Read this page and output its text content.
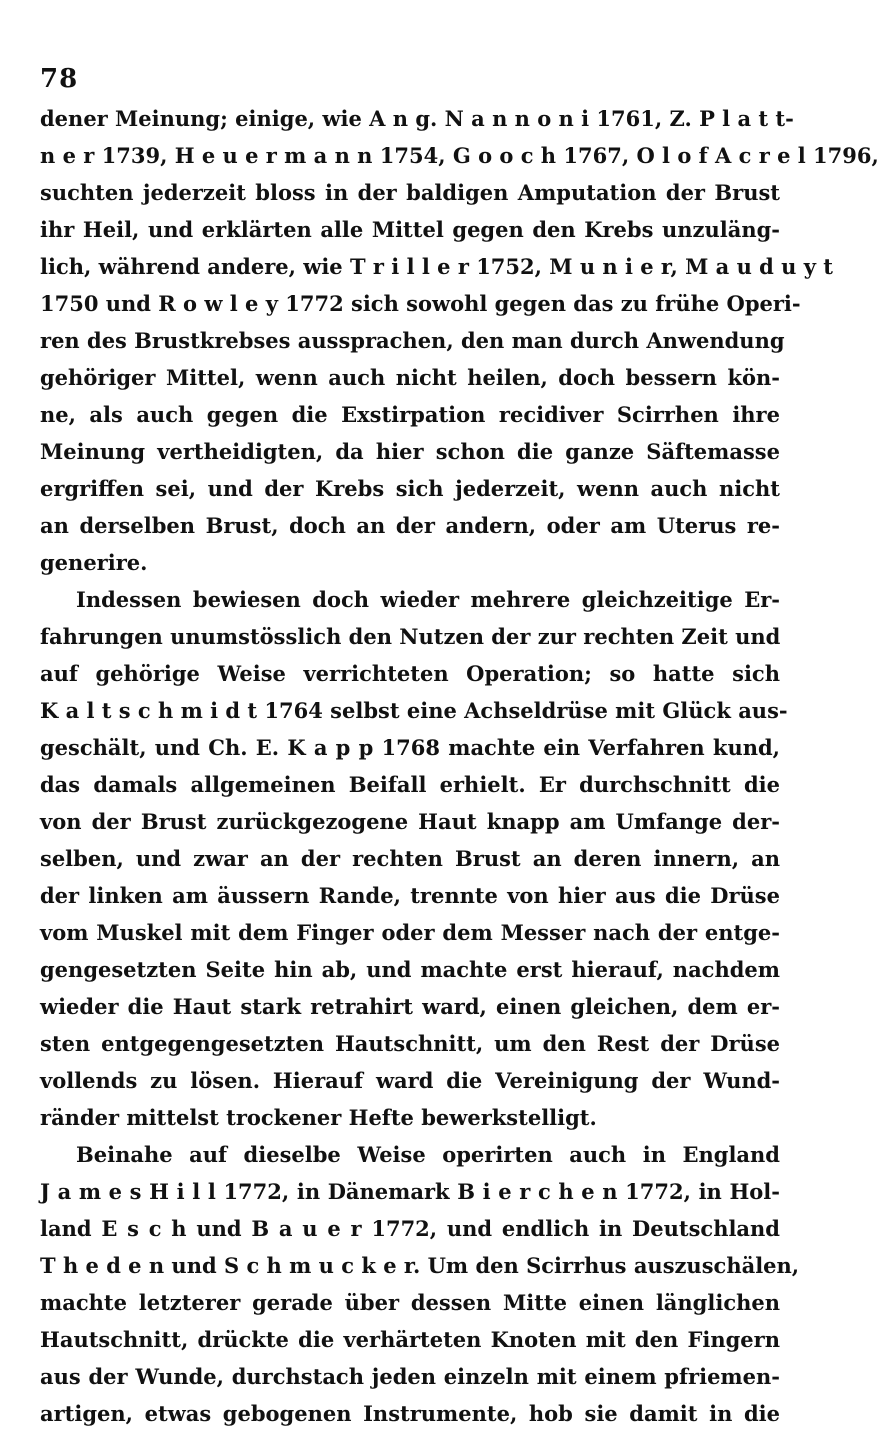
78
dener Meinung; einige, wie A n g. N a n n o n i 1761, Z. P l a t t-
n e r 1739, H e u e r m a n n 1754, G o o c h 1767, O l o f A c r e l 1796,
suchten jederzeit bloss in der baldigen Amputation der Brust
ihr Heil, und erklärten alle Mittel gegen den Krebs unzuläng-
lich, während andere, wie T r i l l e r 1752, M u n i e r, M a u d u y t
1750 und R o w l e y 1772 sich sowohl gegen das zu frühe Operi-
ren des Brustkrebses aussprachen, den man durch Anwendung
gehöriger Mittel, wenn auch nicht heilen, doch bessern kön-
ne, als auch gegen die Exstirpation recidiver Scirrhen ihre
Meinung vertheidigten, da hier schon die ganze Säftemasse
ergriffen sei, und der Krebs sich jederzeit, wenn auch nicht
an derselben Brust, doch an der andern, oder am Uterus re-
generire.
Indessen bewiesen doch wieder mehrere gleichzeitige Er-
fahrungen unumstösslich den Nutzen der zur rechten Zeit und
auf gehörige Weise verrichteten Operation; so hatte sich
K a l t s c h m i d t 1764 selbst eine Achseldrüse mit Glück aus-
geschält, und Ch. E. K a p p 1768 machte ein Verfahren kund,
das damals allgemeinen Beifall erhielt. Er durchschnitt die
von der Brust zurückgezogene Haut knapp am Umfange der-
selben, und zwar an der rechten Brust an deren innern, an
der linken am äussern Rande, trennte von hier aus die Drüse
vom Muskel mit dem Finger oder dem Messer nach der entge-
gengesetzten Seite hin ab, und machte erst hierauf, nachdem
wieder die Haut stark retrahirt ward, einen gleichen, dem er-
sten entgegengesetzten Hautschnitt, um den Rest der Drüse
vollends zu lösen. Hierauf ward die Vereinigung der Wund-
ränder mittelst trockener Hefte bewerkstelligt.
Beinahe auf dieselbe Weise operirten auch in England
J a m e s H i l l 1772, in Dänemark B i e r c h e n 1772, in Hol-
land E s c h und B a u e r 1772, und endlich in Deutschland
T h e d e n und S c h m u c k e r. Um den Scirrhus auszuschälen,
machte letzterer gerade über dessen Mitte einen länglichen
Hautschnitt, drückte die verhärteten Knoten mit den Fingern
aus der Wunde, durchstach jeden einzeln mit einem pfriemen-
artigen, etwas gebogenen Instrumente, hob sie damit in die
